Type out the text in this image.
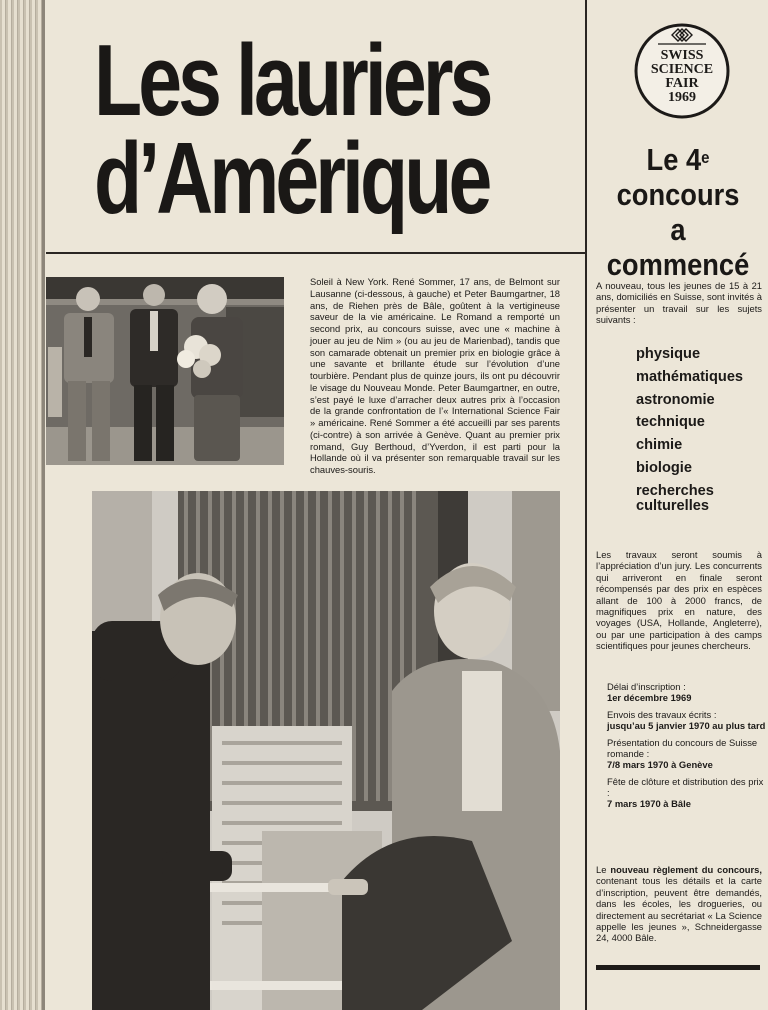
Les lauriers
d’Amérique

Soleil à New York. René Sommer, 17 ans, de Belmont sur Lausanne (ci-dessous, à gauche) et Peter Baumgartner, 18 ans, de Riehen près de Bâle, goûtent à la vertigineuse saveur de la vie américaine. Le Romand a remporté un second prix, au concours suisse, avec une « machine à jouer au jeu de Nim » (ou au jeu de Marienbad), tandis que son camarade obtenait un premier prix en biologie grâce à une savante et brillante étude sur l’évolution d’une tourbière. Pendant plus de quinze jours, ils ont pu découvrir le visage du Nouveau Monde. Peter Baumgartner, en outre, s’est payé le luxe d’arracher deux autres prix à l’occasion de la grande confrontation de l’« International Science Fair » américaine. René Sommer a été accueilli par ses parents (ci-contre) à son arrivée à Genève. Quant au premier prix romand, Guy Berthoud, d’Yverdon, il est parti pour la Hollande où il va présenter son remarquable travail sur les chauves-souris.

SWISS
SCIENCE
FAIR
1969
Le 4e
concours
a commencé

A nouveau, tous les jeunes de 15 à 21 ans, domiciliés en Suisse, sont invités à présenter un travail sur les sujets suivants :

physique
mathématiques
astronomie
technique
chimie
biologie
recherches culturelles

Les travaux seront soumis à l’appréciation d’un jury. Les concurrents qui arriveront en finale seront récompensés par des prix en espèces allant de 100 à 2000 francs, de magnifiques prix en nature, des voyages (USA, Hollande, Angleterre), ou par une participation à des camps scientifiques pour jeunes chercheurs.

Délai d’inscription :
1er décembre 1969
Envois des travaux écrits :
jusqu’au 5 janvier 1970 au plus tard
Présentation du concours de Suisse romande :
7/8 mars 1970 à Genève
Fête de clôture et distribution des prix :
7 mars 1970 à Bâle

Le nouveau règlement du concours, contenant tous les détails et la carte d’inscription, peuvent être demandés, dans les écoles, les drogueries, ou directement au secrétariat « La Science appelle les jeunes », Schneidergasse 24, 4000 Bâle.
